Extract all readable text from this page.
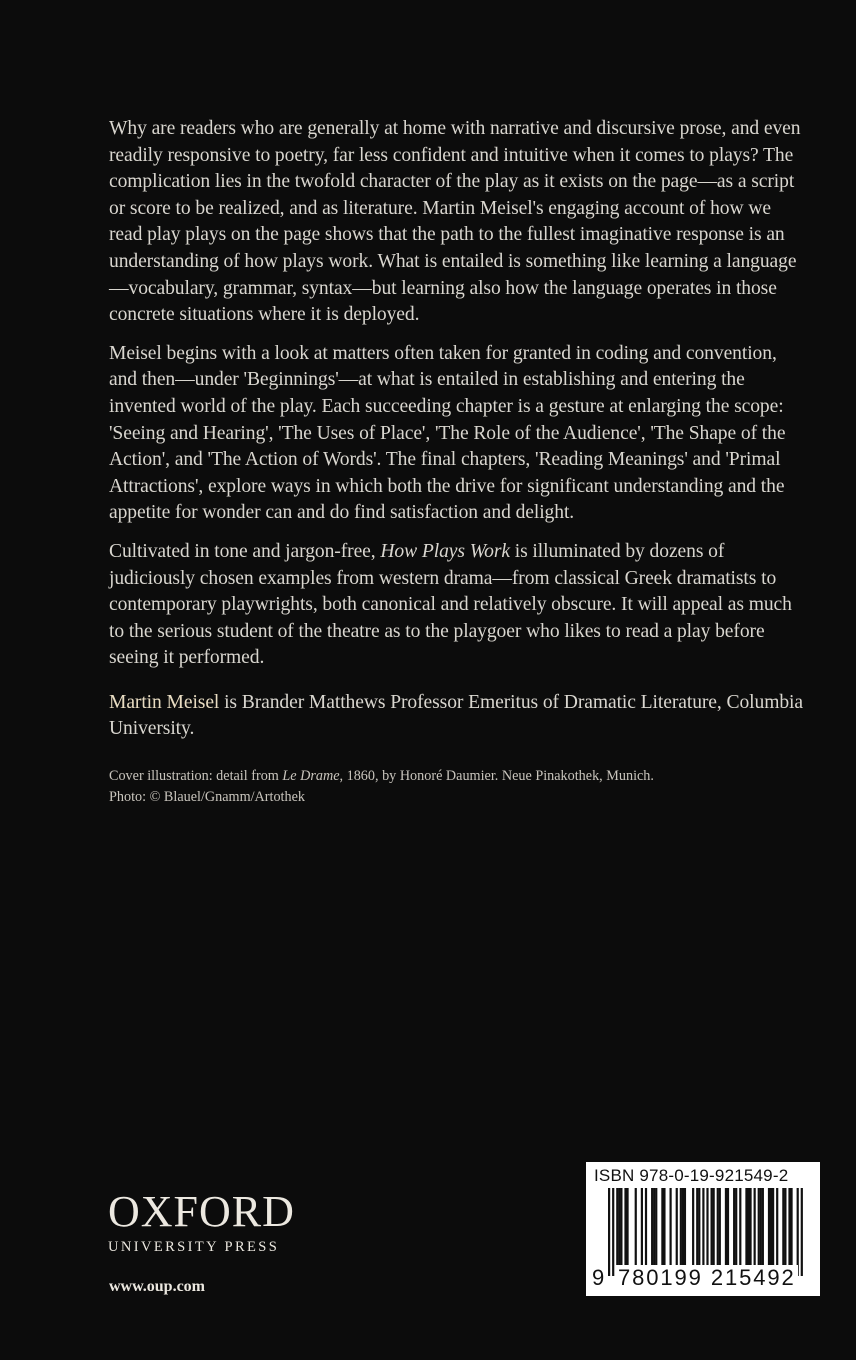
Why are readers who are generally at home with narrative and discursive prose, and even readily responsive to poetry, far less confident and intuitive when it comes to plays? The complication lies in the twofold character of the play as it exists on the page—as a script or score to be realized, and as literature. Martin Meisel's engaging account of how we read play plays on the page shows that the path to the fullest imaginative response is an understanding of how plays work. What is entailed is something like learning a language—vocabulary, grammar, syntax—but learning also how the language operates in those concrete situations where it is deployed.

Meisel begins with a look at matters often taken for granted in coding and convention, and then—under 'Beginnings'—at what is entailed in establishing and entering the invented world of the play. Each succeeding chapter is a gesture at enlarging the scope: 'Seeing and Hearing', 'The Uses of Place', 'The Role of the Audience', 'The Shape of the Action', and 'The Action of Words'. The final chapters, 'Reading Meanings' and 'Primal Attractions', explore ways in which both the drive for significant understanding and the appetite for wonder can and do find satisfaction and delight.

Cultivated in tone and jargon-free, How Plays Work is illuminated by dozens of judiciously chosen examples from western drama—from classical Greek dramatists to contemporary playwrights, both canonical and relatively obscure. It will appeal as much to the serious student of the theatre as to the playgoer who likes to read a play before seeing it performed.

Martin Meisel is Brander Matthews Professor Emeritus of Dramatic Literature, Columbia University.

Cover illustration: detail from Le Drame, 1860, by Honoré Daumier. Neue Pinakothek, Munich.

Photo: © Blauel/Gnamm/Artothek

OXFORD
UNIVERSITY PRESS
www.oup.com
ISBN 978-0-19-921549-2
9 780199 215492
